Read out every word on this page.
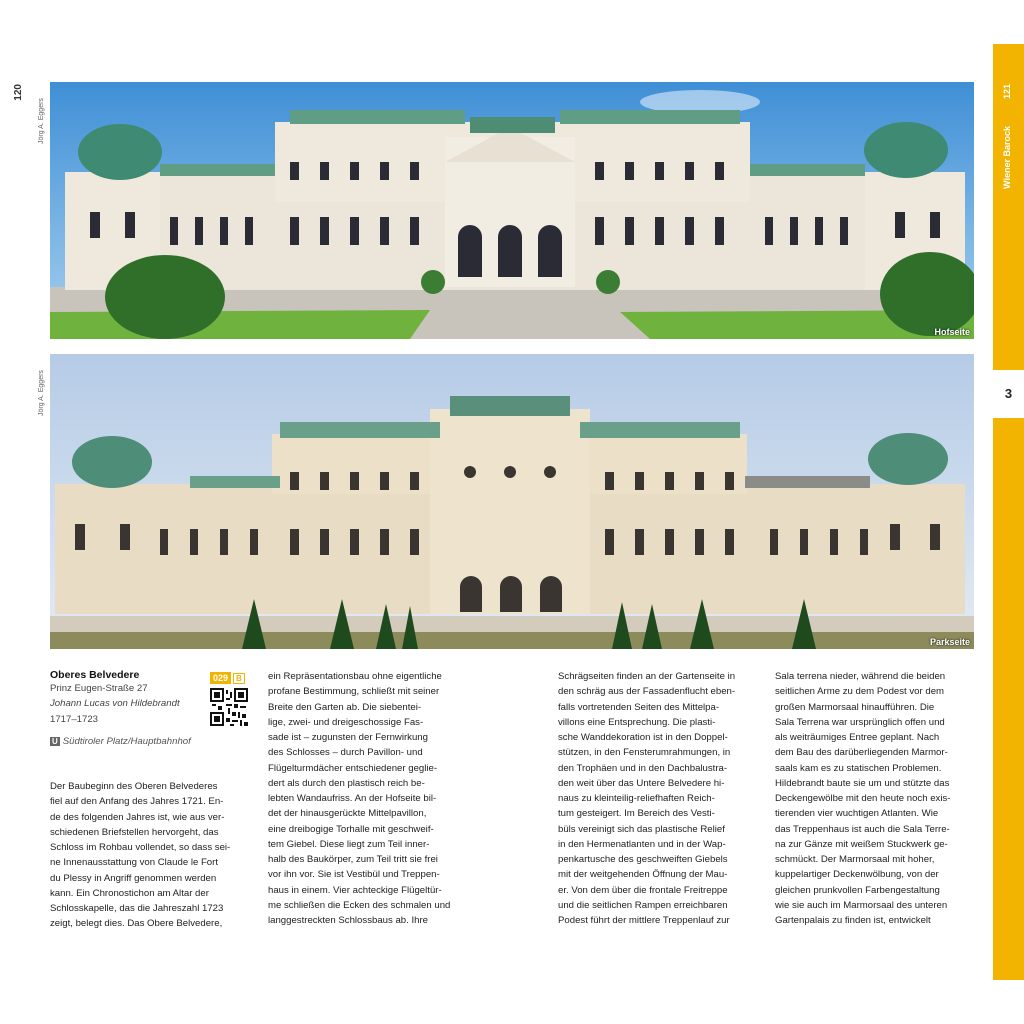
120
Jörg A. Eggers
Hofseite
Jörg A. Eggers
Parkseite
121
Wiener Barock
3
Oberes Belvedere
Prinz Eugen-Straße 27
Johann Lucas von Hildebrandt
1717–1723
U Südtiroler Platz/Hauptbahnhof
029 B

Der Baubeginn des Oberen Belvederes

fiel auf den Anfang des Jahres 1721. En-

de des folgenden Jahres ist, wie aus ver-

schiedenen Briefstellen hervorgeht, das

Schloss im Rohbau vollendet, so dass sei-

ne Innenausstattung von Claude le Fort

du Plessy in Angriff genommen werden

kann. Ein Chronostichon am Altar der

Schlosskapelle, das die Jahreszahl 1723

zeigt, belegt dies. Das Obere Belvedere,

ein Repräsentationsbau ohne eigentliche

profane Bestimmung, schließt mit seiner

Breite den Garten ab. Die siebentei-

lige, zwei- und dreigeschossige Fas-

sade ist – zugunsten der Fernwirkung

des Schlosses – durch Pavillon- und

Flügelturmdächer entschiedener geglie-

dert als durch den plastisch reich be-

lebten Wandaufriss. An der Hofseite bil-

det der hinausgerückte Mittelpavillon,

eine dreibogige Torhalle mit geschweif-

tem Giebel. Diese liegt zum Teil inner-

halb des Baukörper, zum Teil tritt sie frei

vor ihn vor. Sie ist Vestibül und Treppen-

haus in einem. Vier achteckige Flügeltür-

me schließen die Ecken des schmalen und

langgestreckten Schlossbaus ab. Ihre

Schrägseiten finden an der Gartenseite in

den schräg aus der Fassadenflucht eben-

falls vortretenden Seiten des Mittelpa-

villons eine Entsprechung. Die plasti-

sche Wanddekoration ist in den Doppel-

stützen, in den Fensterumrahmungen, in

den Trophäen und in den Dachbalustra-

den weit über das Untere Belvedere hi-

naus zu kleinteilig-reliefhaften Reich-

tum gesteigert. Im Bereich des Vesti-

büls vereinigt sich das plastische Relief

in den Hermenatlanten und in der Wap-

penkartusche des geschweiften Giebels

mit der weitgehenden Öffnung der Mau-

er. Von dem über die frontale Freitreppe

und die seitlichen Rampen erreichbaren

Podest führt der mittlere Treppenlauf zur

Sala terrena nieder, während die beiden

seitlichen Arme zu dem Podest vor dem

großen Marmorsaal hinaufführen. Die

Sala Terrena war ursprünglich offen und

als weiträumiges Entree geplant. Nach

dem Bau des darüberliegenden Marmor-

saals kam es zu statischen Problemen.

Hildebrandt baute sie um und stützte das

Deckengewölbe mit den heute noch exis-

tierenden vier wuchtigen Atlanten. Wie

das Treppenhaus ist auch die Sala Terre-

na zur Gänze mit weißem Stuckwerk ge-

schmückt. Der Marmorsaal mit hoher,

kuppelartiger Deckenwölbung, von der

gleichen prunkvollen Farbengestaltung

wie sie auch im Marmorsaal des unteren

Gartenpalais zu finden ist, entwickelt
